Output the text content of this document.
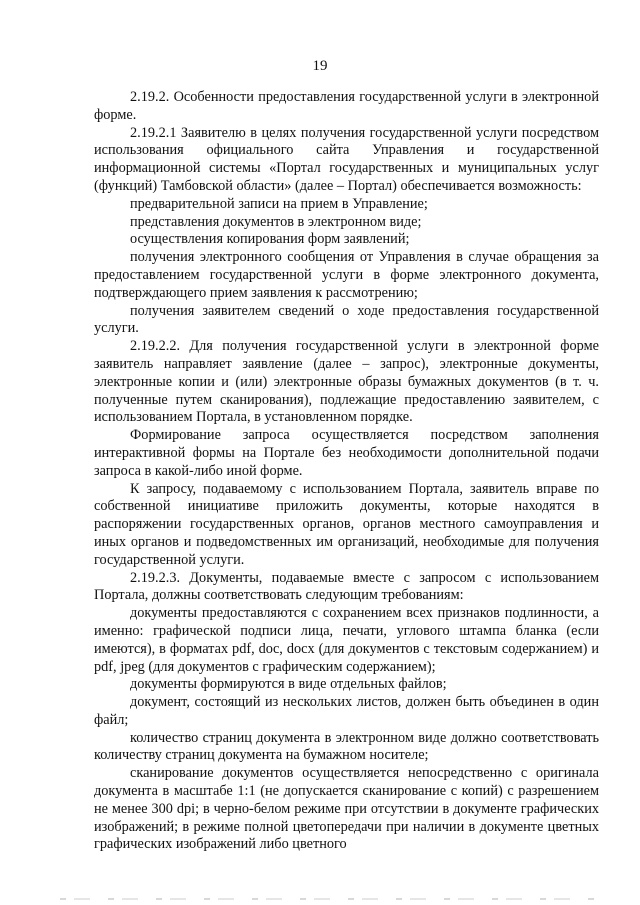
19

2.19.2. Особенности предоставления государственной услуги в электронной форме.

2.19.2.1 Заявителю в целях получения государственной услуги посредством использования официального сайта Управления и государственной информационной системы «Портал государственных и муниципальных услуг (функций) Тамбовской области» (далее – Портал) обеспечивается возможность:

предварительной записи на прием в Управление;

представления документов в электронном виде;

осуществления копирования форм заявлений;

получения электронного сообщения от Управления в случае обращения за предоставлением государственной услуги в форме электронного документа, подтверждающего прием заявления к рассмотрению;

получения заявителем сведений о ходе предоставления государственной услуги.

2.19.2.2. Для получения государственной услуги в электронной форме заявитель направляет заявление (далее – запрос), электронные документы, электронные копии и (или) электронные образы бумажных документов (в т. ч. полученные путем сканирования), подлежащие предоставлению заявителем, с использованием Портала, в установленном порядке.

Формирование запроса осуществляется посредством заполнения интерактивной формы на Портале без необходимости дополнительной подачи запроса в какой-либо иной форме.

К запросу, подаваемому с использованием Портала, заявитель вправе по собственной инициативе приложить документы, которые находятся в распоряжении государственных органов, органов местного самоуправления и иных органов и подведомственных им организаций, необходимые для получения государственной услуги.

2.19.2.3. Документы, подаваемые вместе с запросом с использованием Портала, должны соответствовать следующим требованиям:

документы предоставляются с сохранением всех признаков подлинности, а именно: графической подписи лица, печати, углового штампа бланка (если имеются), в форматах pdf, doc, docx (для документов с текстовым содержанием) и pdf, jpeg (для документов с графическим содержанием);

документы формируются в виде отдельных файлов;

документ, состоящий из нескольких листов, должен быть объединен в один файл;

количество страниц документа в электронном виде должно соответствовать количеству страниц документа на бумажном носителе;

сканирование документов осуществляется непосредственно с оригинала документа в масштабе 1:1 (не допускается сканирование с копий) с разрешением не менее 300 dpi; в черно-белом режиме при отсутствии в документе графических изображений; в режиме полной цветопередачи при наличии в документе цветных графических изображений либо цветного
